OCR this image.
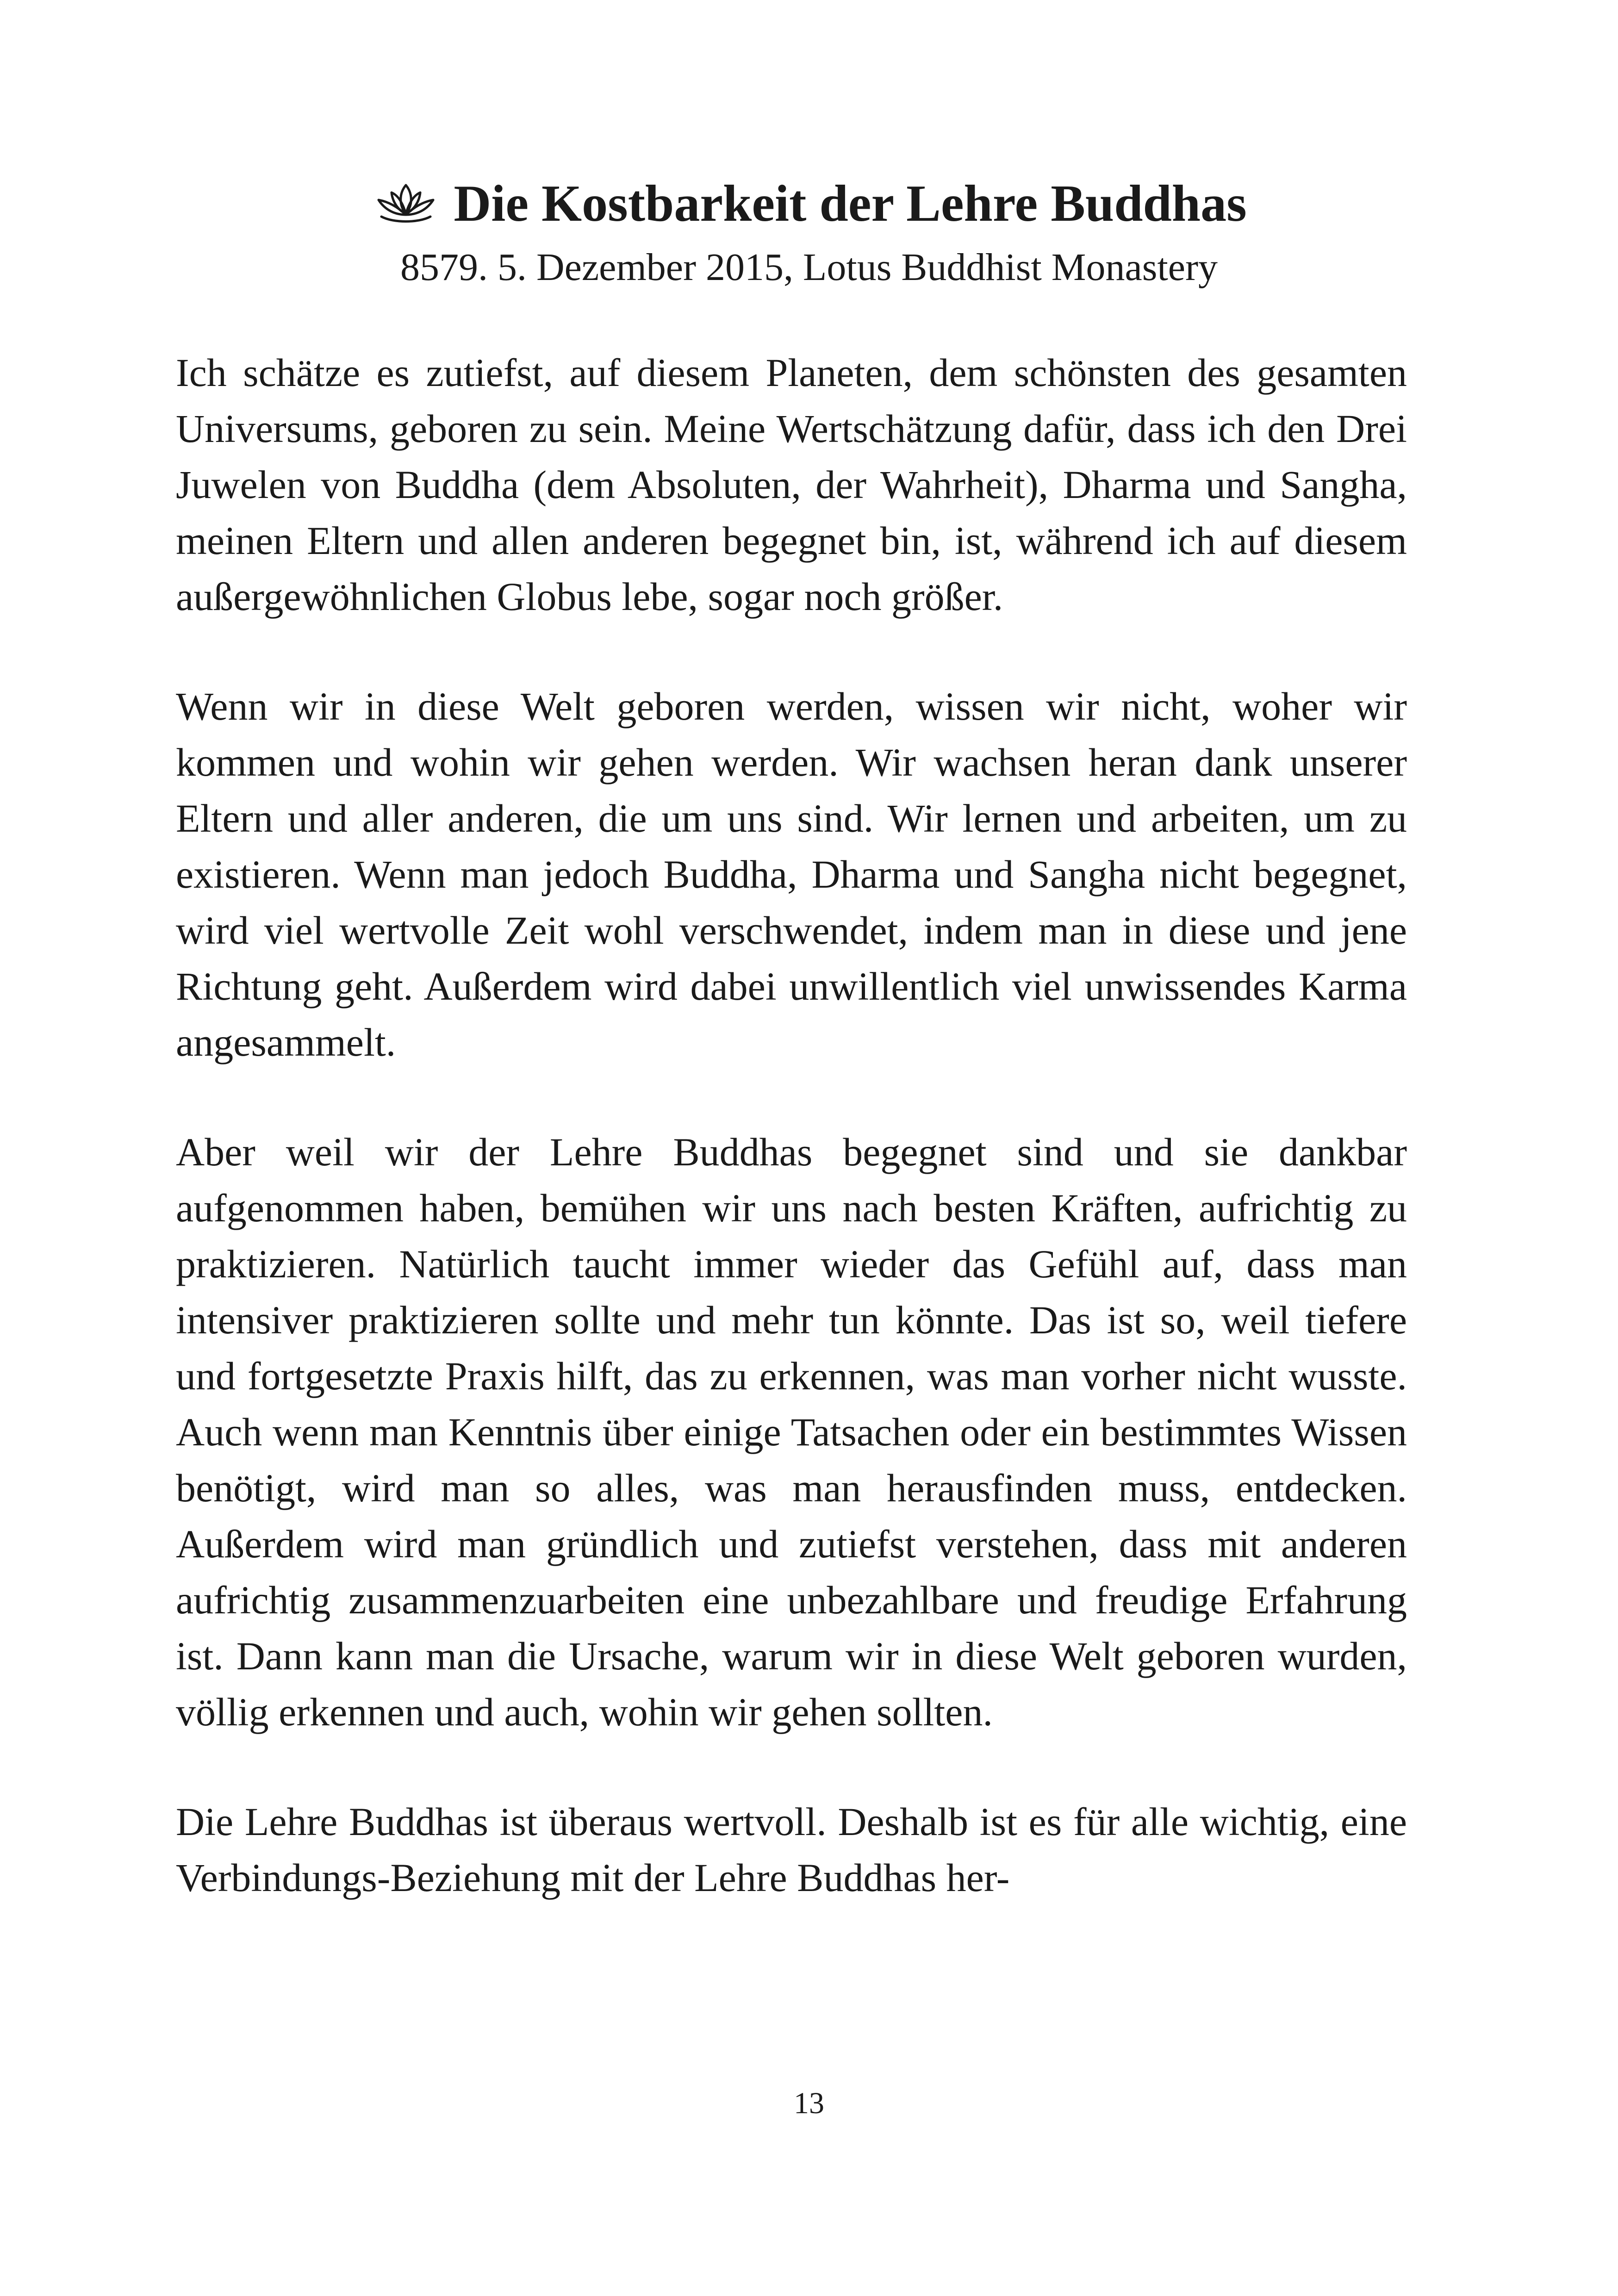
Die Kostbarkeit der Lehre Buddhas
8579. 5. Dezember 2015, Lotus Buddhist Monastery

Ich schätze es zutiefst, auf diesem Planeten, dem schönsten des gesamten Universums, geboren zu sein. Meine Wertschätzung dafür, dass ich den Drei Juwelen von Buddha (dem Absoluten, der Wahrheit), Dharma und Sangha, meinen Eltern und allen anderen begegnet bin, ist, während ich auf diesem außergewöhnlichen Globus lebe, sogar noch größer.

Wenn wir in diese Welt geboren werden, wissen wir nicht, woher wir kommen und wohin wir gehen werden. Wir wachsen heran dank unserer Eltern und aller anderen, die um uns sind. Wir lernen und arbeiten, um zu existieren. Wenn man jedoch Buddha, Dharma und Sangha nicht begegnet, wird viel wertvolle Zeit wohl verschwendet, indem man in diese und jene Richtung geht. Außerdem wird dabei unwillentlich viel unwissendes Karma angesammelt.

Aber weil wir der Lehre Buddhas begegnet sind und sie dankbar aufgenommen haben, bemühen wir uns nach besten Kräften, aufrichtig zu praktizieren. Natürlich taucht immer wieder das Gefühl auf, dass man intensiver praktizieren sollte und mehr tun könnte. Das ist so, weil tiefere und fortgesetzte Praxis hilft, das zu erkennen, was man vorher nicht wusste. Auch wenn man Kenntnis über einige Tatsachen oder ein bestimmtes Wissen benötigt, wird man so alles, was man herausfinden muss, entdecken. Außerdem wird man gründlich und zutiefst verstehen, dass mit anderen aufrichtig zusammenzuarbeiten eine unbezahlbare und freudige Erfahrung ist. Dann kann man die Ursache, warum wir in diese Welt geboren wurden, völlig erkennen und auch, wohin wir gehen sollten.

Die Lehre Buddhas ist überaus wertvoll. Deshalb ist es für alle wichtig, eine Verbindungs-Beziehung mit der Lehre Buddhas her-

13
